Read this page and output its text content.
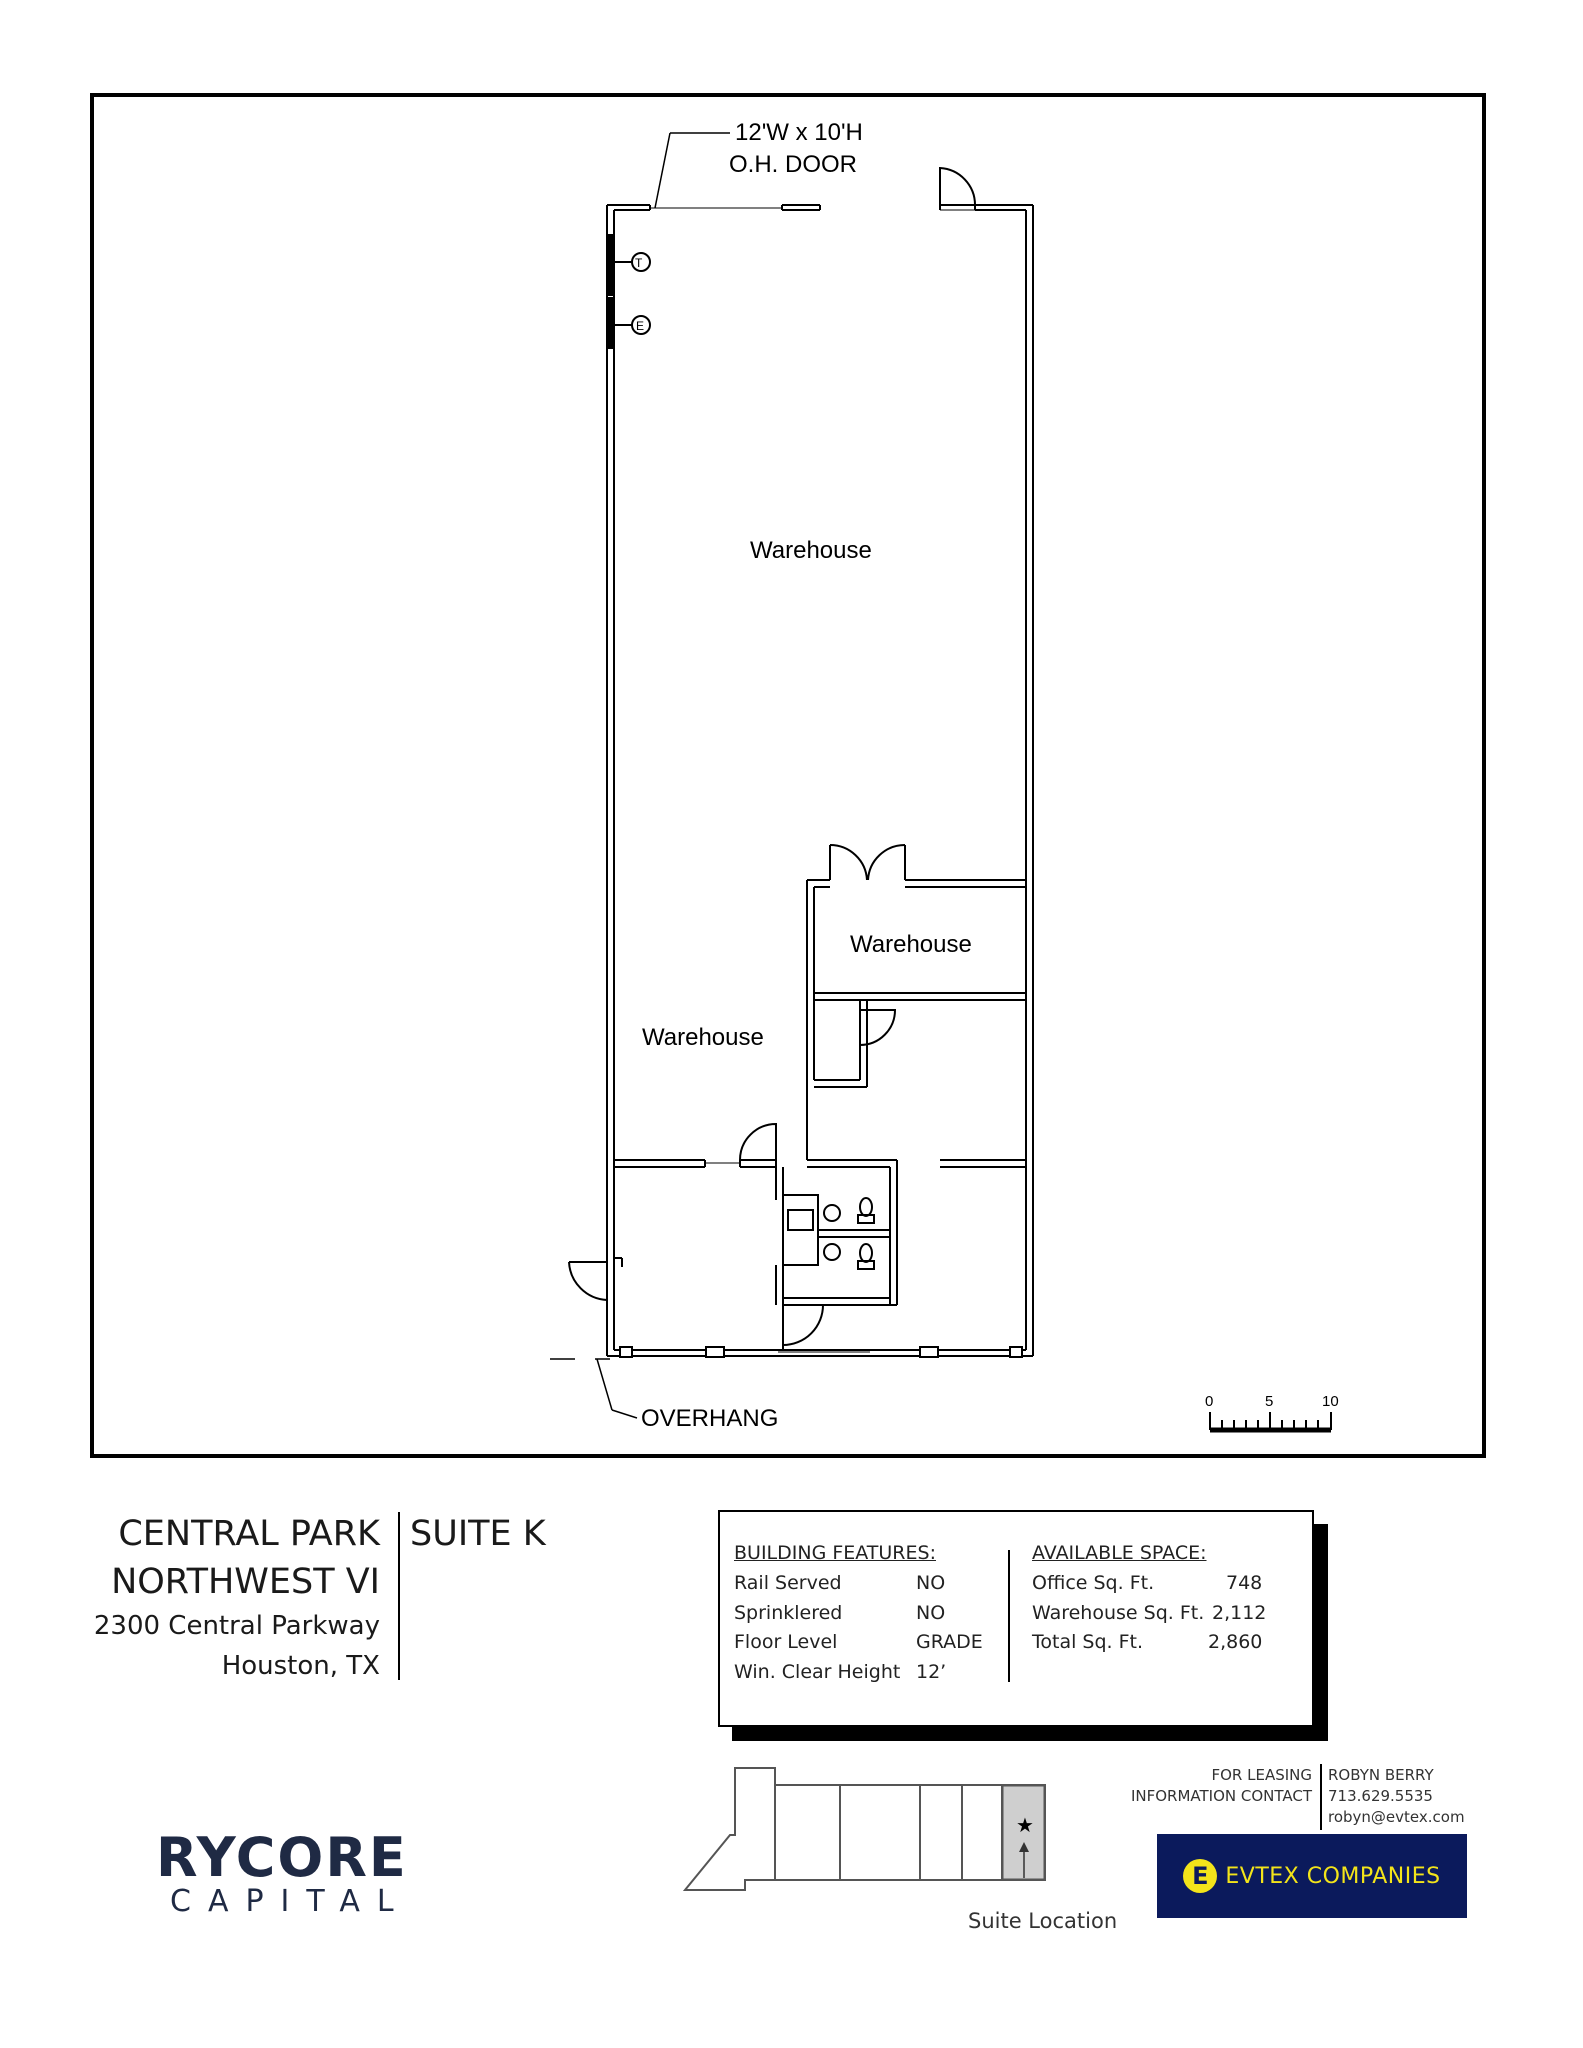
12'W x 10'H
O.H. DOOR
Warehouse
Warehouse
Warehouse
T
E
OVERHANG
0	5	10
CENTRAL PARK
NORTHWEST VI
2300 Central Parkway
Houston, TX
SUITE K	BUILDING FEATURES:	AVAILABLE SPACE:
Rail Served	NO
Sprinklered	NO
Floor Level	GRADE
Win. Clear Height 12’
Office Sq. Ft.	748
Warehouse Sq. Ft. 2,112
Total Sq. Ft.	2,860
RYCORE
CAPITAL
★
Suite Location
FOR LEASING
INFORMATION CONTACT
ROBYN BERRY
713.629.5535
robyn@evtex.com
E EVTEX COMPANIES
